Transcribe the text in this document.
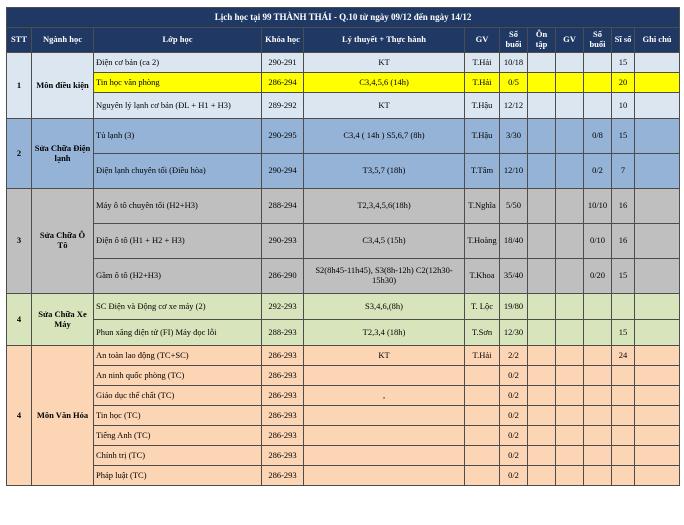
Lịch học tại 99 THÀNH THÁI - Q.10 từ ngày 09/12 đến ngày 14/12											
STT	Ngành học	Lớp học	Khóa học	Lý thuyết + Thực hành	GV	Số buổi	Ôn tập	GV	Số buổi	Sĩ số	Ghi chú
1	Môn điều kiện	Điện cơ bản (ca 2)	290-291	KT	T.Hải	10/18				15	
		Tin học văn phòng	286-294	C3,4,5,6 (14h)	T.Hải	0/5				20	
		Nguyên lý lạnh cơ bản (ĐL + H1 + H3)	289-292	KT	T.Hậu	12/12				10	
2	Sửa Chữa Điện lạnh	Tủ lạnh (3)	290-295	C3,4 ( 14h ) S5,6,7 (8h)	T.Hậu	3/30			0/8	15	
		Điện lạnh chuyên tối (Điều hòa)	290-294	T3,5,7 (18h)	T.Tâm	12/10			0/2	7	
3	Sửa Chữa Ô Tô	Máy ô tô chuyên tối (H2+H3)	288-294	T2,3,4,5,6(18h)	T.Nghĩa	5/50			10/10	16	
		Điện ô tô (H1 + H2 + H3)	290-293	C3,4,5 (15h)	T.Hoàng	18/40			0/10	16	
		Gầm ô tô (H2+H3)	286-290	S2(8h45-11h45), S3(8h-12h) C2(12h30-15h30)	T.Khoa	35/40			0/20	15	
4	Sửa Chữa Xe Máy	SC Điện và Động cơ xe máy (2)	292-293	S3,4,6,(8h)	T. Lộc	19/80					
		Phun xăng điện tử (FI) Máy đọc lỗi	288-293	T2,3,4 (18h)	T.Sơn	12/30				15	
4	Môn Văn Hóa	An toàn lao động (TC+SC)	286-293	KT	T.Hải	2/2				24	
		An ninh quốc phòng (TC)	286-293			0/2					
		Giáo dục thể chất (TC)	286-293	,		0/2					
		Tin học (TC)	286-293			0/2					
		Tiếng Anh (TC)	286-293			0/2					
		Chính trị (TC)	286-293			0/2					
		Pháp luật (TC)	286-293			0/2					
